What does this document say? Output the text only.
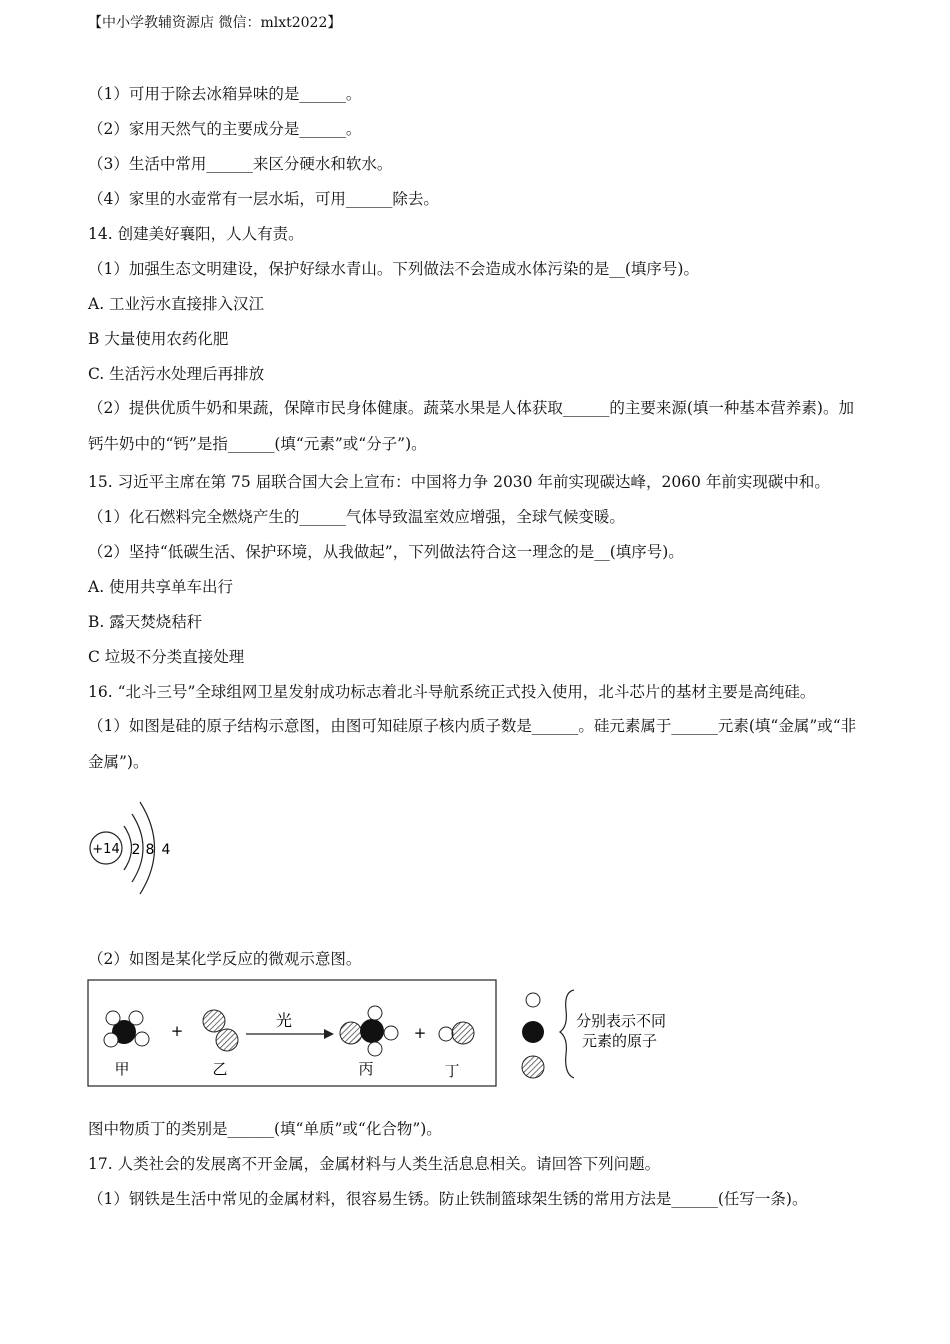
【中小学教辅资源店 微信：mlxt2022】
（1）可用于除去冰箱异味的是______。
（2）家用天然气的主要成分是______。
（3）生活中常用______来区分硬水和软水。
（4）家里的水壶常有一层水垢，可用______除去。
14. 创建美好襄阳，人人有责。
（1）加强生态文明建设，保护好绿水青山。下列做法不会造成水体污染的是__(填序号)。
A. 工业污水直接排入汉江
B 大量使用农药化肥
C. 生活污水处理后再排放
（2）提供优质牛奶和果蔬，保障市民身体健康。蔬菜水果是人体获取______的主要来源(填一种基本营养素)。加钙牛奶中的“钙”是指______(填“元素”或“分子”)。
15. 习近平主席在第 75 届联合国大会上宣布：中国将力争 2030 年前实现碳达峰，2060 年前实现碳中和。
（1）化石燃料完全燃烧产生的______气体导致温室效应增强，全球气候变暖。
（2）坚持“低碳生活、保护环境，从我做起”，下列做法符合这一理念的是__(填序号)。
A. 使用共享单车出行
B. 露天焚烧秸秆
C 垃圾不分类直接处理
16. “北斗三号”全球组网卫星发射成功标志着北斗导航系统正式投入使用，北斗芯片的基材主要是高纯硅。
（1）如图是硅的原子结构示意图，由图可知硅原子核内质子数是______。硅元素属于______元素(填“金属”或“非金属”)。
+14 2 8 4
（2）如图是某化学反应的微观示意图。
甲
+
乙
光
丙
+
丁
分别表示不同
元素的原子
图中物质丁的类别是______(填“单质”或“化合物”)。
17. 人类社会的发展离不开金属，金属材料与人类生活息息相关。请回答下列问题。
（1）钢铁是生活中常见的金属材料，很容易生锈。防止铁制篮球架生锈的常用方法是______(任写一条)。
